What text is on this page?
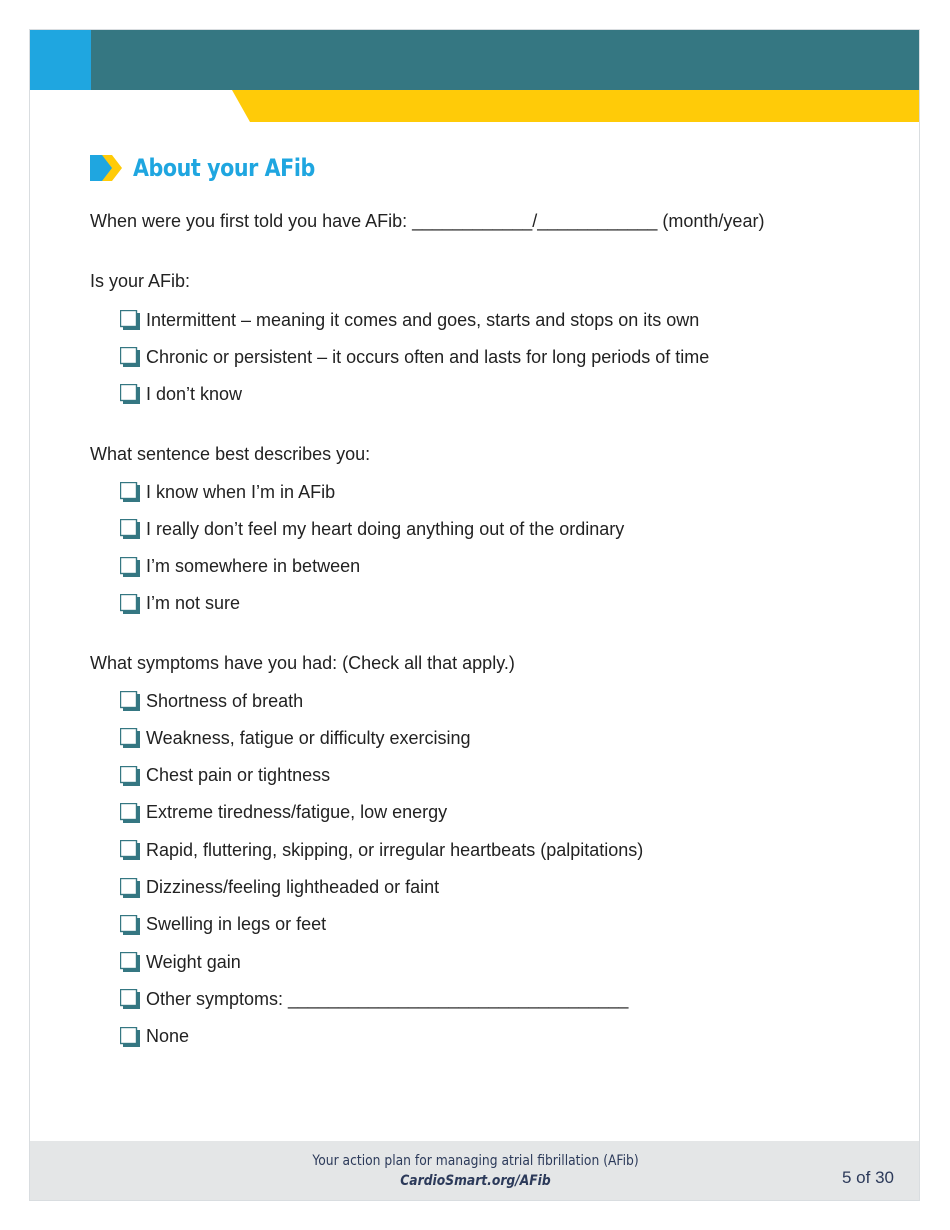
About your AFib
When were you first told you have AFib: ____________/____________ (month/year)
Is your AFib:
Intermittent – meaning it comes and goes, starts and stops on its own
Chronic or persistent – it occurs often and lasts for long periods of time
I don’t know
What sentence best describes you:
I know when I’m in AFib
I really don’t feel my heart doing anything out of the ordinary
I’m somewhere in between
I’m not sure
What symptoms have you had: (Check all that apply.)
Shortness of breath
Weakness, fatigue or difficulty exercising
Chest pain or tightness
Extreme tiredness/fatigue, low energy
Rapid, fluttering, skipping, or irregular heartbeats (palpitations)
Dizziness/feeling lightheaded or faint
Swelling in legs or feet
Weight gain
Other symptoms: __________________________________
None
Your action plan for managing atrial fibrillation (AFib)
CardioSmart.org/AFib	5 of 30
